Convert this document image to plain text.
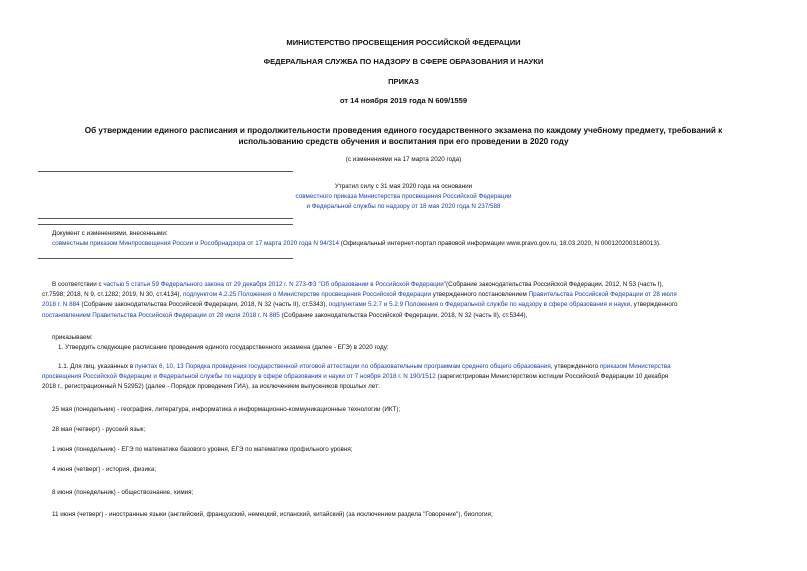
МИНИСТЕРСТВО ПРОСВЕЩЕНИЯ РОССИЙСКОЙ ФЕДЕРАЦИИ
ФЕДЕРАЛЬНАЯ СЛУЖБА ПО НАДЗОРУ В СФЕРЕ ОБРАЗОВАНИЯ И НАУКИ
ПРИКАЗ
от 14 ноября 2019 года N 609/1559
Об утверждении единого расписания и продолжительности проведения единого государственного экзамена по каждому учебному предмету, требований к
использованию средств обучения и воспитания при его проведении в 2020 году
(с изменениями на 17 марта 2020 года)
Утратил силу с 31 мая 2020 года на основании
совместного приказа Министерства просвещения Российской Федерации
и Федеральной службы по надзору от 18 мая 2020 года N 237/588
Документ с изменениями, внесенными:
совместным приказом Минпросвещения России и Рособрнадзора от 17 марта 2020 года N 94/314 (Официальный интернет-портал правовой информации www.pravo.gov.ru, 18.03.2020, N 0001202003180013).
В соответствии с частью 5 статьи 59 Федерального закона от 29 декабря 2012 г. N 273-ФЗ "Об образовании в Российской Федерации"(Собрание законодательства Российской Федерации, 2012, N 53 (часть I),
ст.7598; 2018, N 9, ст.1282; 2019, N 30, ст.4134), подпунктом 4.2.25 Положения о Министерстве просвещения Российской Федерации утвержденного постановлением Правительства Российской Федерации от 28 июля
2018 г. N 884 (Собрание законодательства Российской Федерации, 2018, N 32 (часть II), ст.5343), подпунктами 5.2.7 и 5.2.9 Положения о Федеральной службе по надзору в сфере образования и науки, утвержденного
постановлением Правительства Российской Федерации от 28 июля 2018 г. N 885 (Собрание законодательства Российской Федерации, 2018, N 32 (часть II), ст.5344),
приказываем:
1. Утвердить следующее расписание проведения единого государственного экзамена (далее - ЕГЭ) в 2020 году:
1.1. Для лиц, указанных в пунктах 6, 10, 13 Порядка проведения государственной итоговой аттестации по образовательным программам среднего общего образования, утвержденного приказом Министерства
просвещения Российской Федерации и Федеральной службы по надзору в сфере образования и науки от 7 ноября 2018 г. N 190/1512 (зарегистрирован Министерством юстиции Российской Федерации 10 декабря
2018 г., регистрационный N 52952) (далее - Порядок проведения ГИА), за исключением выпускников прошлых лет:
25 мая (понедельник) - география, литература, информатика и информационно-коммуникационные технологии (ИКТ);
28 мая (четверг) - русский язык;
1 июня (понедельник) - ЕГЭ по математике базового уровня, ЕГЭ по математике профильного уровня;
4 июня (четверг) - история, физика;
8 июня (понедельник) - обществознание, химия;
11 июня (четверг) - иностранные языки (английский, французский, немецкий, испанский, китайский) (за исключением раздела "Говорение"), биология;
